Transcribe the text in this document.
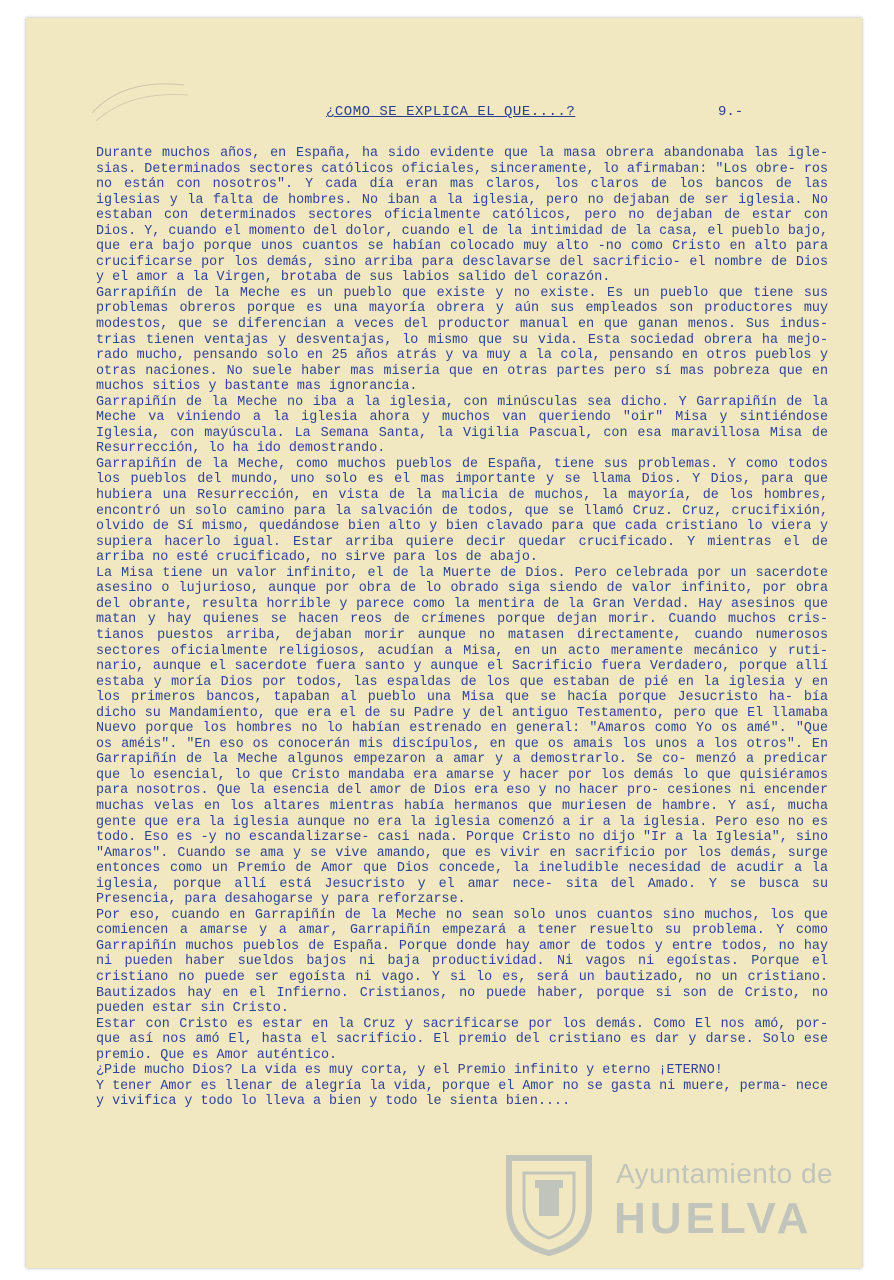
¿COMO SE EXPLICA EL QUE....?	9.-

Durante muchos años, en España, ha sido evidente que la masa obrera abandonaba las igle- sias. Determinados sectores católicos oficiales, sinceramente, lo afirmaban: "Los obre- ros no están con nosotros". Y cada día eran mas claros, los claros de los bancos de las iglesias y la falta de hombres. No iban a la iglesia, pero no dejaban de ser iglesia. No estaban con determinados sectores oficialmente católicos, pero no dejaban de estar con Dios. Y, cuando el momento del dolor, cuando el de la intimidad de la casa, el pueblo bajo, que era bajo porque unos cuantos se habían colocado muy alto -no como Cristo en alto para crucificarse por los demás, sino arriba para desclavarse del sacrificio- el nombre de Dios y el amor a la Virgen, brotaba de sus labios salido del corazón.

Garrapiñín de la Meche es un pueblo que existe y no existe. Es un pueblo que tiene sus problemas obreros porque es una mayoría obrera y aún sus empleados son productores muy modestos, que se diferencian a veces del productor manual en que ganan menos. Sus indus- trias tienen ventajas y desventajas, lo mismo que su vida. Esta sociedad obrera ha mejo- rado mucho, pensando solo en 25 años atrás y va muy a la cola, pensando en otros pueblos y otras naciones. No suele haber mas miseria que en otras partes pero sí mas pobreza que en muchos sitios y bastante mas ignorancia.

Garrapiñín de la Meche no iba a la iglesia, con minúsculas sea dicho. Y Garrapiñín de la Meche va viniendo a la iglesia ahora y muchos van queriendo "oir" Misa y sintiéndose Iglesia, con mayúscula. La Semana Santa, la Vigilia Pascual, con esa maravillosa Misa de Resurrección, lo ha ido demostrando.

Garrapiñín de la Meche, como muchos pueblos de España, tiene sus problemas. Y como todos los pueblos del mundo, uno solo es el mas importante y se llama Dios. Y Dios, para que hubiera una Resurrección, en vista de la malicia de muchos, la mayoría, de los hombres, encontró un solo camino para la salvación de todos, que se llamó Cruz. Cruz, crucifixión, olvido de Sí mismo, quedándose bien alto y bien clavado para que cada cristiano lo viera y supiera hacerlo igual. Estar arriba quiere decir quedar crucificado. Y mientras el de arriba no esté crucificado, no sirve para los de abajo.

La Misa tiene un valor infinito, el de la Muerte de Dios. Pero celebrada por un sacerdote asesino o lujurioso, aunque por obra de lo obrado siga siendo de valor infinito, por obra del obrante, resulta horrible y parece como la mentira de la Gran Verdad. Hay asesinos que matan y hay quienes se hacen reos de crímenes porque dejan morir. Cuando muchos cris- tianos puestos arriba, dejaban morir aunque no matasen directamente, cuando numerosos sectores oficialmente religiosos, acudían a Misa, en un acto meramente mecánico y ruti- nario, aunque el sacerdote fuera santo y aunque el Sacrificio fuera Verdadero, porque allí estaba y moría Dios por todos, las espaldas de los que estaban de pié en la iglesia y en los primeros bancos, tapaban al pueblo una Misa que se hacía porque Jesucristo ha- bía dicho su Mandamiento, que era el de su Padre y del antiguo Testamento, pero que El llamaba Nuevo porque los hombres no lo habían estrenado en general: "Amaros como Yo os amé". "Que os améis". "En eso os conocerán mis discípulos, en que os amais los unos a los otros". En Garrapiñín de la Meche algunos empezaron a amar y a demostrarlo. Se co- menzó a predicar que lo esencial, lo que Cristo mandaba era amarse y hacer por los demás lo que quisiéramos para nosotros. Que la esencia del amor de Dios era eso y no hacer pro- cesiones ni encender muchas velas en los altares mientras había hermanos que muriesen de hambre. Y así, mucha gente que era la iglesia aunque no era la iglesia comenzó a ir a la iglesia. Pero eso no es todo. Eso es -y no escandalizarse- casi nada. Porque Cristo no dijo "Ir a la Iglesia", sino "Amaros". Cuando se ama y se vive amando, que es vivir en sacrificio por los demás, surge entonces como un Premio de Amor que Dios concede, la ineludible necesidad de acudir a la iglesia, porque allí está Jesucristo y el amar nece- sita del Amado. Y se busca su Presencia, para desahogarse y para reforzarse.

Por eso, cuando en Garrapiñín de la Meche no sean solo unos cuantos sino muchos, los que comiencen a amarse y a amar, Garrapiñín empezará a tener resuelto su problema. Y como Garrapiñín muchos pueblos de España. Porque donde hay amor de todos y entre todos, no hay ni pueden haber sueldos bajos ni baja productividad. Ni vagos ni egoístas. Porque el cristiano no puede ser egoísta ni vago. Y si lo es, será un bautizado, no un cristiano. Bautizados hay en el Infierno. Cristianos, no puede haber, porque si son de Cristo, no pueden estar sin Cristo.

Estar con Cristo es estar en la Cruz y sacrificarse por los demás. Como El nos amó, por- que así nos amó El, hasta el sacrificio. El premio del cristiano es dar y darse. Solo ese premio. Que es Amor auténtico.

¿Pide mucho Dios? La vida es muy corta, y el Premio infinito y eterno ¡ETERNO!

Y tener Amor es llenar de alegría la vida, porque el Amor no se gasta ni muere, perma- nece y vivifica y todo lo lleva a bien y todo le sienta bien....

Ayuntamiento de
HUELVA
